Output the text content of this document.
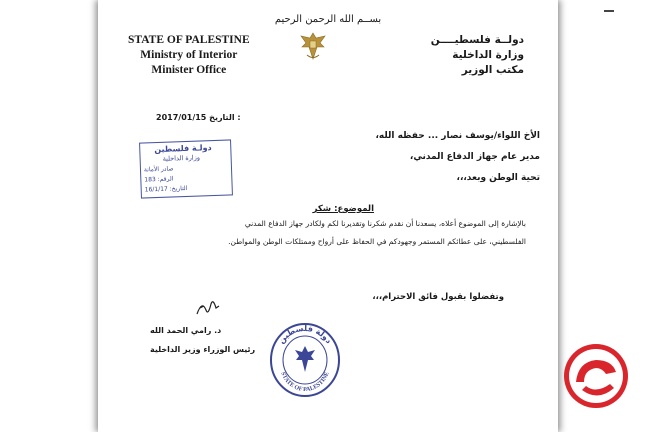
بســم الله الرحمن الرحيم
STATE OF PALESTINE
Ministry of Interior
Minister Office
دولــة فلسطيــــن
وزارة الداخلية
مكتب الوزير
2017/01/15 التاريخ :
الأخ اللواء/يوسف نصار ... حفظه الله،
مدير عام جهاز الدفاع المدني،
تحية الوطن وبعد،،،
دولـة فلسطين
وزارة الداخلية
صادر الأمانة
الرقم: 183
التاريخ: 16/1/17
الموضوع: شكر
بالإشارة إلى الموضوع أعلاه، يسعدنا أن نقدم شكرنا وتقديرنا لكم ولكادر جهاز الدفاع المدني
الفلسطيني، على عطائكم المستمر وجهودكم في الحفاظ على أرواح وممتلكات الوطن والمواطن.
وتفضلوا بقبول فائق الاحترام،،،
د. رامي الحمد الله
رئيس الوزراء وزير الداخلية
دولة فلسطين
STATE OF PALESTINE
